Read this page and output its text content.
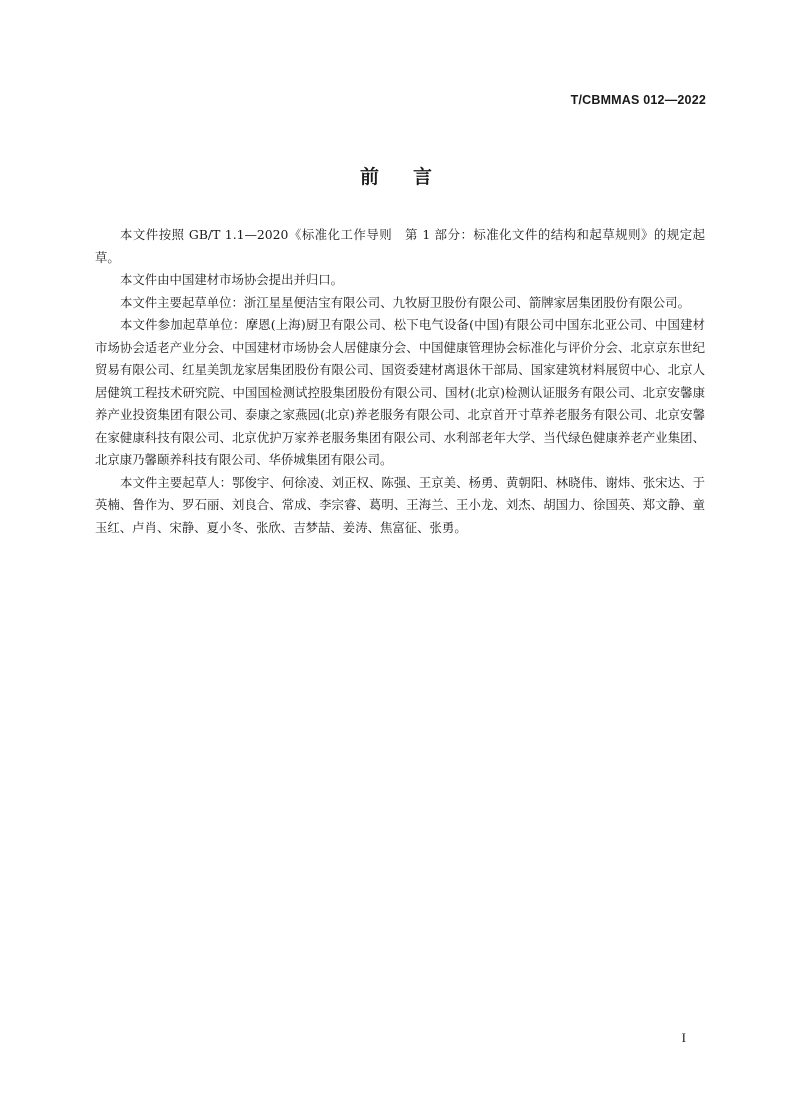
T/CBMMAS 012—2022
前言

本文件按照 GB/T 1.1—2020《标准化工作导则　第 1 部分：标准化文件的结构和起草规则》的规定起草。

本文件由中国建材市场协会提出并归口。

本文件主要起草单位：浙江星星便洁宝有限公司、九牧厨卫股份有限公司、箭牌家居集团股份有限公司。

本文件参加起草单位：摩恩(上海)厨卫有限公司、松下电气设备(中国)有限公司中国东北亚公司、中国建材市场协会适老产业分会、中国建材市场协会人居健康分会、中国健康管理协会标准化与评价分会、北京京东世纪贸易有限公司、红星美凯龙家居集团股份有限公司、国资委建材离退休干部局、国家建筑材料展贸中心、北京人居健筑工程技术研究院、中国国检测试控股集团股份有限公司、国材(北京)检测认证服务有限公司、北京安馨康养产业投资集团有限公司、泰康之家燕园(北京)养老服务有限公司、北京首开寸草养老服务有限公司、北京安馨在家健康科技有限公司、北京优护万家养老服务集团有限公司、水利部老年大学、当代绿色健康养老产业集团、北京康乃馨颐养科技有限公司、华侨城集团有限公司。

本文件主要起草人：鄂俊宇、何徐凌、刘正权、陈强、王京美、杨勇、黄朝阳、林晓伟、谢炜、张宋达、于英楠、鲁作为、罗石丽、刘良合、常成、李宗睿、葛明、王海兰、王小龙、刘杰、胡国力、徐国英、郑文静、童玉红、卢肖、宋静、夏小冬、张欣、吉梦喆、姜涛、焦富征、张勇。

I
